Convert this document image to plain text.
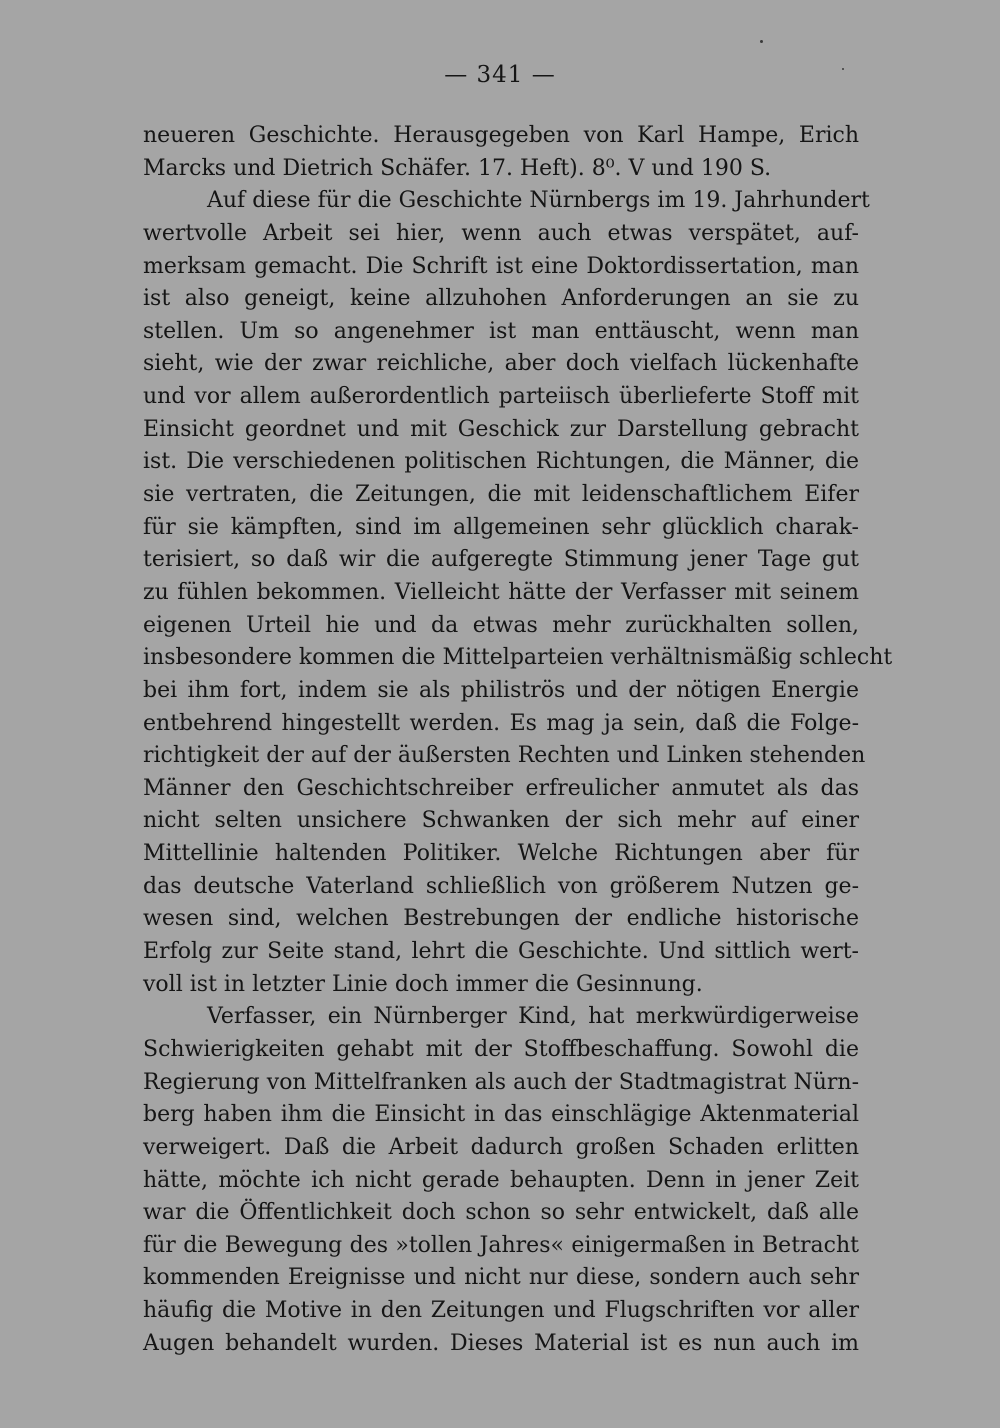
— 341 —
neueren Geschichte. Herausgegeben von Karl Hampe, Erich
Marcks und Dietrich Schäfer. 17. Heft). 8⁰. V und 190 S.
Auf diese für die Geschichte Nürnbergs im 19. Jahrhundert
wertvolle Arbeit sei hier, wenn auch etwas verspätet, auf-
merksam gemacht. Die Schrift ist eine Doktordissertation, man
ist also geneigt, keine allzuhohen Anforderungen an sie zu
stellen. Um so angenehmer ist man enttäuscht, wenn man
sieht, wie der zwar reichliche, aber doch vielfach lückenhafte
und vor allem außerordentlich parteiisch überlieferte Stoff mit
Einsicht geordnet und mit Geschick zur Darstellung gebracht
ist. Die verschiedenen politischen Richtungen, die Männer, die
sie vertraten, die Zeitungen, die mit leidenschaftlichem Eifer
für sie kämpften, sind im allgemeinen sehr glücklich charak-
terisiert, so daß wir die aufgeregte Stimmung jener Tage gut
zu fühlen bekommen. Vielleicht hätte der Verfasser mit seinem
eigenen Urteil hie und da etwas mehr zurückhalten sollen,
insbesondere kommen die Mittelparteien verhältnismäßig schlecht
bei ihm fort, indem sie als philiströs und der nötigen Energie
entbehrend hingestellt werden. Es mag ja sein, daß die Folge-
richtigkeit der auf der äußersten Rechten und Linken stehenden
Männer den Geschichtschreiber erfreulicher anmutet als das
nicht selten unsichere Schwanken der sich mehr auf einer
Mittellinie haltenden Politiker. Welche Richtungen aber für
das deutsche Vaterland schließlich von größerem Nutzen ge-
wesen sind, welchen Bestrebungen der endliche historische
Erfolg zur Seite stand, lehrt die Geschichte. Und sittlich wert-
voll ist in letzter Linie doch immer die Gesinnung.
Verfasser, ein Nürnberger Kind, hat merkwürdigerweise
Schwierigkeiten gehabt mit der Stoffbeschaffung. Sowohl die
Regierung von Mittelfranken als auch der Stadtmagistrat Nürn-
berg haben ihm die Einsicht in das einschlägige Aktenmaterial
verweigert. Daß die Arbeit dadurch großen Schaden erlitten
hätte, möchte ich nicht gerade behaupten. Denn in jener Zeit
war die Öffentlichkeit doch schon so sehr entwickelt, daß alle
für die Bewegung des »tollen Jahres« einigermaßen in Betracht
kommenden Ereignisse und nicht nur diese, sondern auch sehr
häufig die Motive in den Zeitungen und Flugschriften vor aller
Augen behandelt wurden. Dieses Material ist es nun auch im
